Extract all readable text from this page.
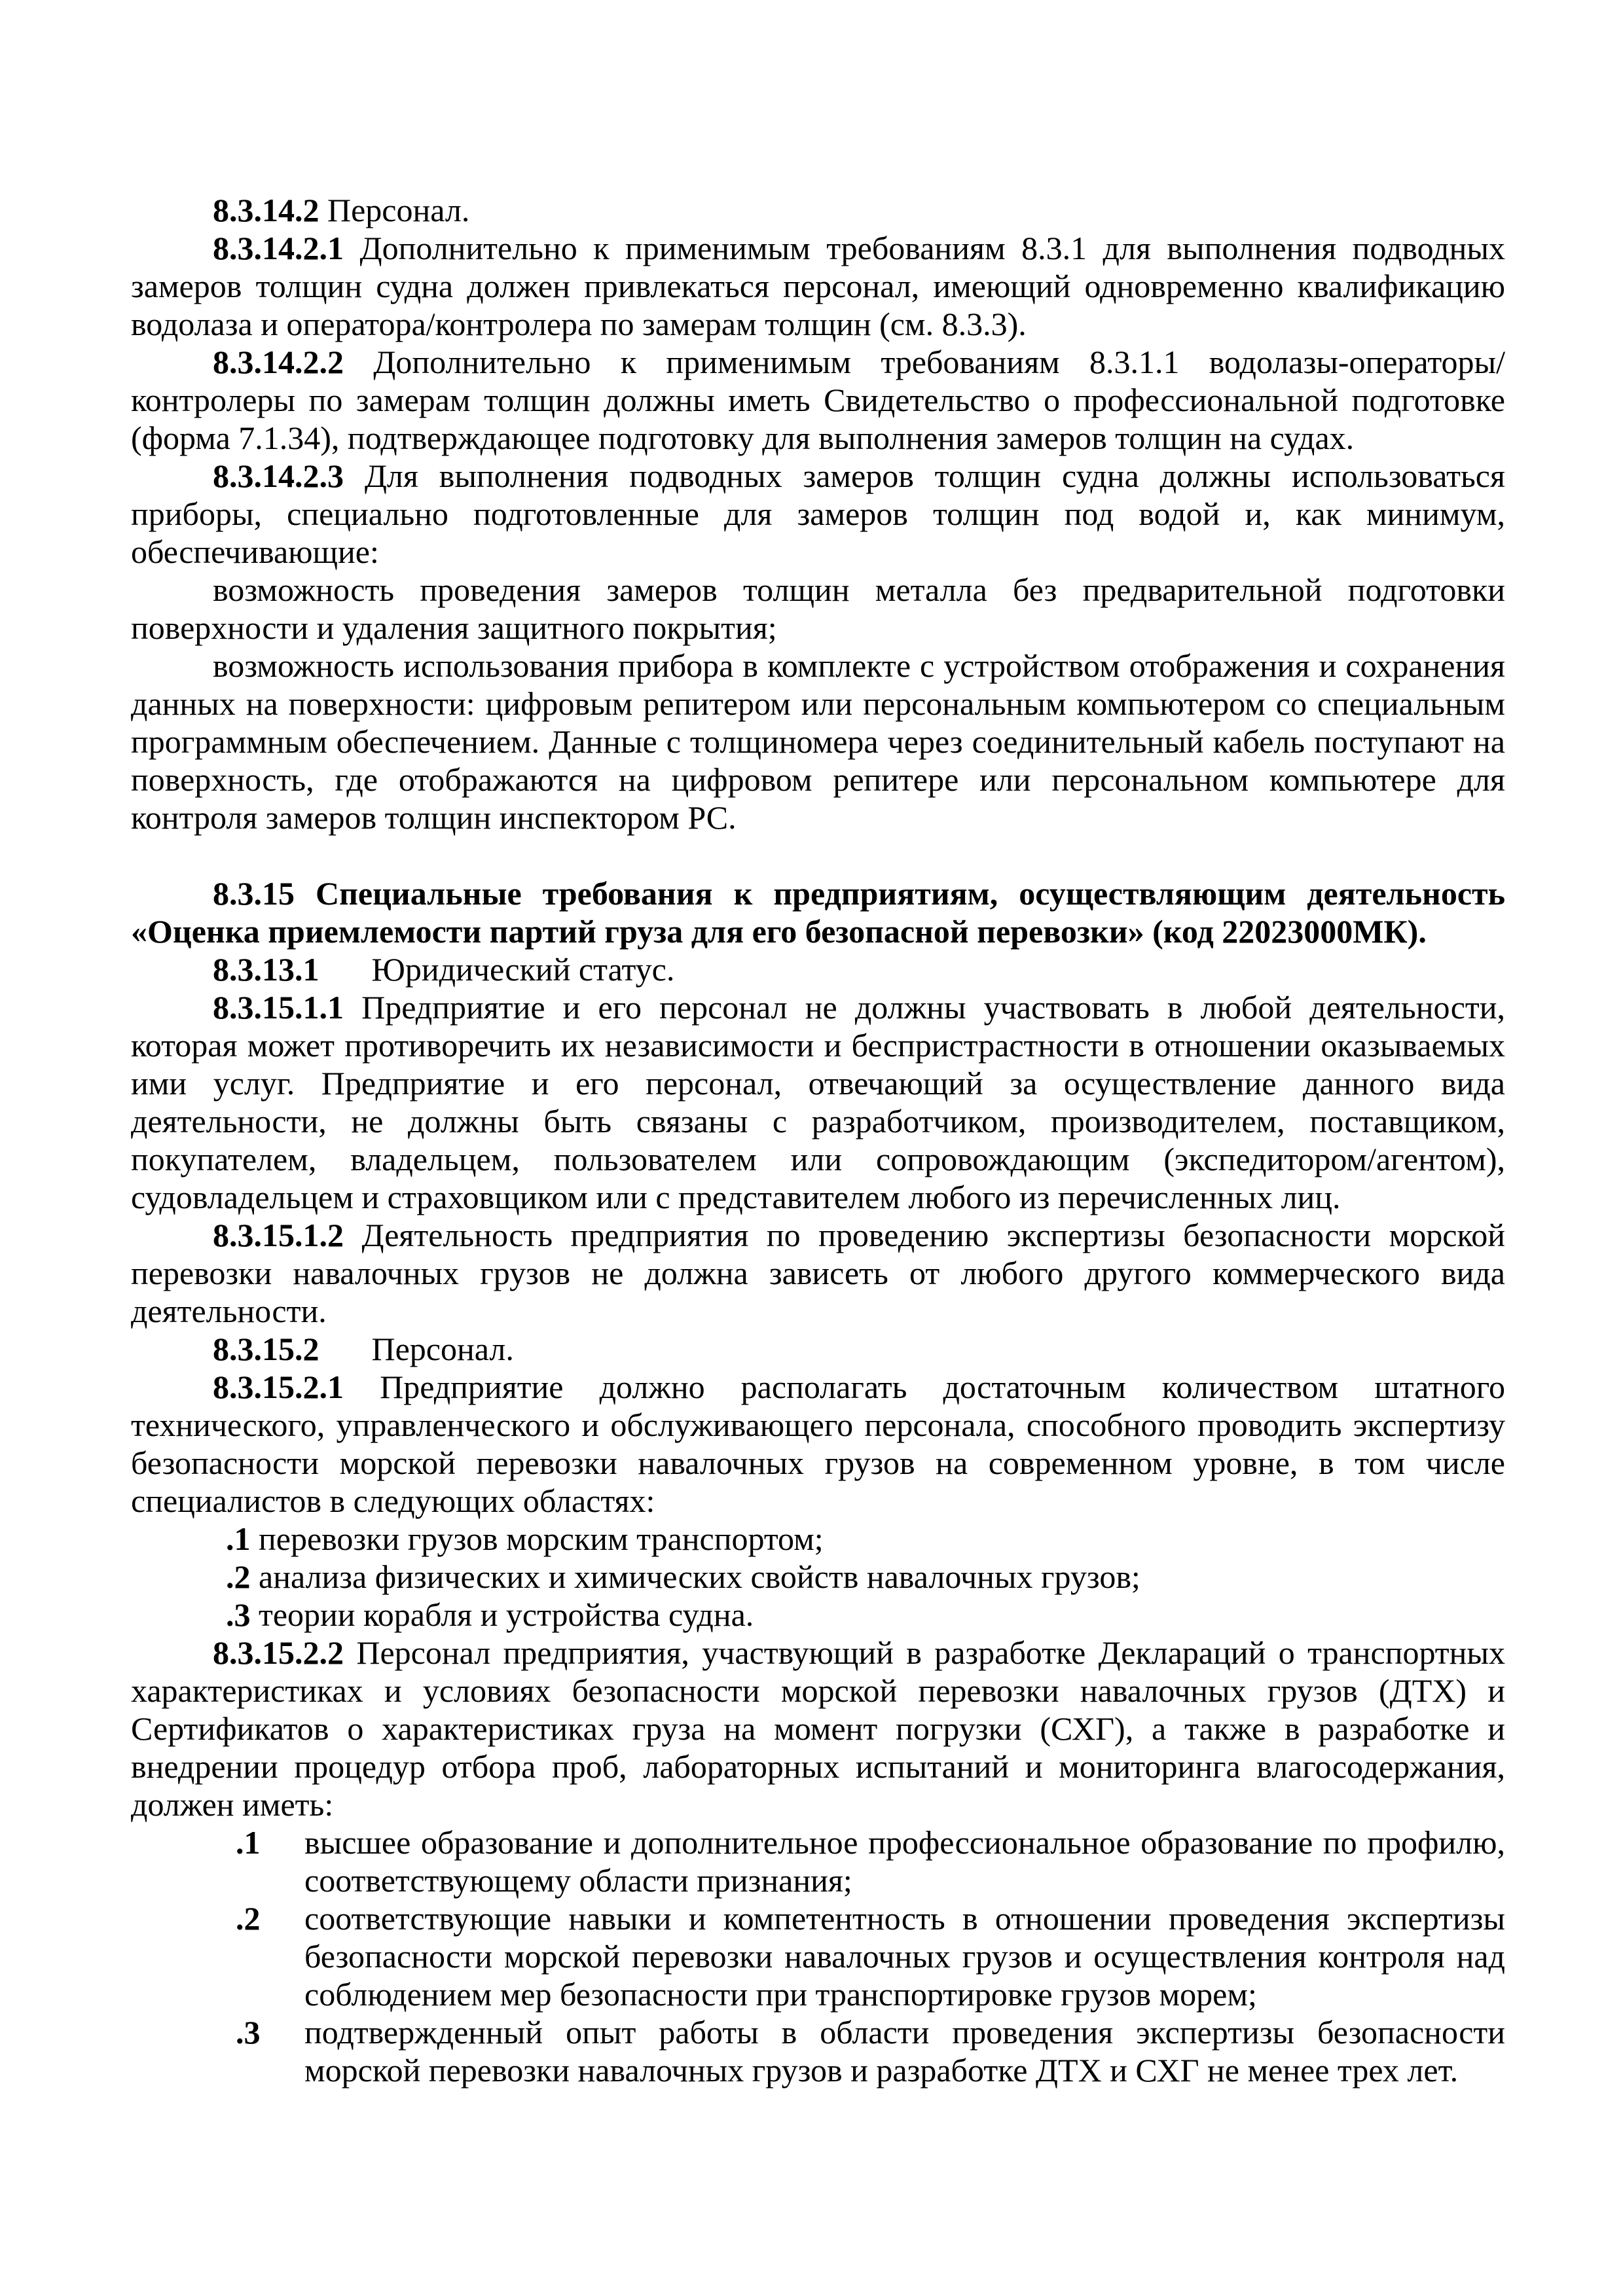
8.3.14.2 Персонал.

8.3.14.2.1 Дополнительно к применимым требованиям 8.3.1 для выполнения подводных замеров толщин судна должен привлекаться персонал, имеющий одновременно квалификацию водолаза и оператора/контролера по замерам толщин (см. 8.3.3).

8.3.14.2.2 Дополнительно к применимым требованиям 8.3.1.1 водолазы-операторы/контролеры по замерам толщин должны иметь Свидетельство о профессиональной подготовке (форма 7.1.34), подтверждающее подготовку для выполнения замеров толщин на судах.

8.3.14.2.3 Для выполнения подводных замеров толщин судна должны использоваться приборы, специально подготовленные для замеров толщин под водой и, как минимум, обеспечивающие:

возможность проведения замеров толщин металла без предварительной подготовки поверхности и удаления защитного покрытия;

возможность использования прибора в комплекте с устройством отображения и сохранения данных на поверхности: цифровым репитером или персональным компьютером со специальным программным обеспечением. Данные с толщиномера через соединительный кабель поступают на поверхность, где отображаются на цифровом репитере или персональном компьютере для контроля замеров толщин инспектором РС.

8.3.15 Специальные требования к предприятиям, осуществляющим деятельность «Оценка приемлемости партий груза для его безопасной перевозки» (код 22023000МК).

8.3.13.1 Юридический статус.

8.3.15.1.1 Предприятие и его персонал не должны участвовать в любой деятельности, которая может противоречить их независимости и беспристрастности в отношении оказываемых ими услуг. Предприятие и его персонал, отвечающий за осуществление данного вида деятельности, не должны быть связаны с разработчиком, производителем, поставщиком, покупателем, владельцем, пользователем или сопровождающим (экспедитором/агентом), судовладельцем и страховщиком или с представителем любого из перечисленных лиц.

8.3.15.1.2 Деятельность предприятия по проведению экспертизы безопасности морской перевозки навалочных грузов не должна зависеть от любого другого коммерческого вида деятельности.

8.3.15.2 Персонал.

8.3.15.2.1 Предприятие должно располагать достаточным количеством штатного технического, управленческого и обслуживающего персонала, способного проводить экспертизу безопасности морской перевозки навалочных грузов на современном уровне, в том числе специалистов в следующих областях:

.1 перевозки грузов морским транспортом;

.2 анализа физических и химических свойств навалочных грузов;

.3 теории корабля и устройства судна.

8.3.15.2.2 Персонал предприятия, участвующий в разработке Деклараций о транспортных характеристиках и условиях безопасности морской перевозки навалочных грузов (ДТХ) и Сертификатов о характеристиках груза на момент погрузки (СХГ), а также в разработке и внедрении процедур отбора проб, лабораторных испытаний и мониторинга влагосодержания, должен иметь:

.1 высшее образование и дополнительное профессиональное образование по профилю, соответствующему области признания;

.2 соответствующие навыки и компетентность в отношении проведения экспертизы безопасности морской перевозки навалочных грузов и осуществления контроля над соблюдением мер безопасности при транспортировке грузов морем;

.3 подтвержденный опыт работы в области проведения экспертизы безопасности морской перевозки навалочных грузов и разработке ДТХ и СХГ не менее трех лет.
